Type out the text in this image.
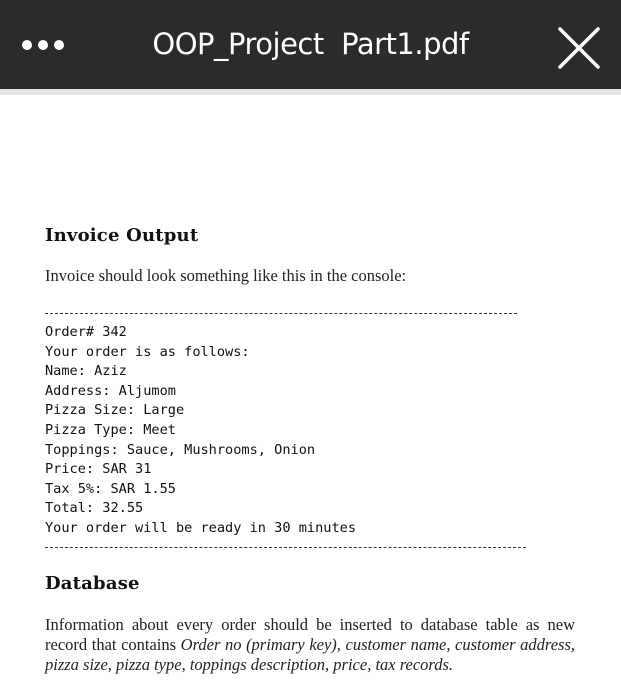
OOP_Project  Part1.pdf
Invoice Output

Invoice should look something like this in the console:

Order# 342
Your order is as follows:
Name: Aziz
Address: Aljumom
Pizza Size: Large
Pizza Type: Meet
Toppings: Sauce, Mushrooms, Onion
Price: SAR 31
Tax 5%: SAR 1.55
Total: 32.55
Your order will be ready in 30 minutes
Database

Information about every order should be inserted to database table as new record that contains Order no (primary key), customer name, customer address, pizza size, pizza type, toppings description, price, tax records.
